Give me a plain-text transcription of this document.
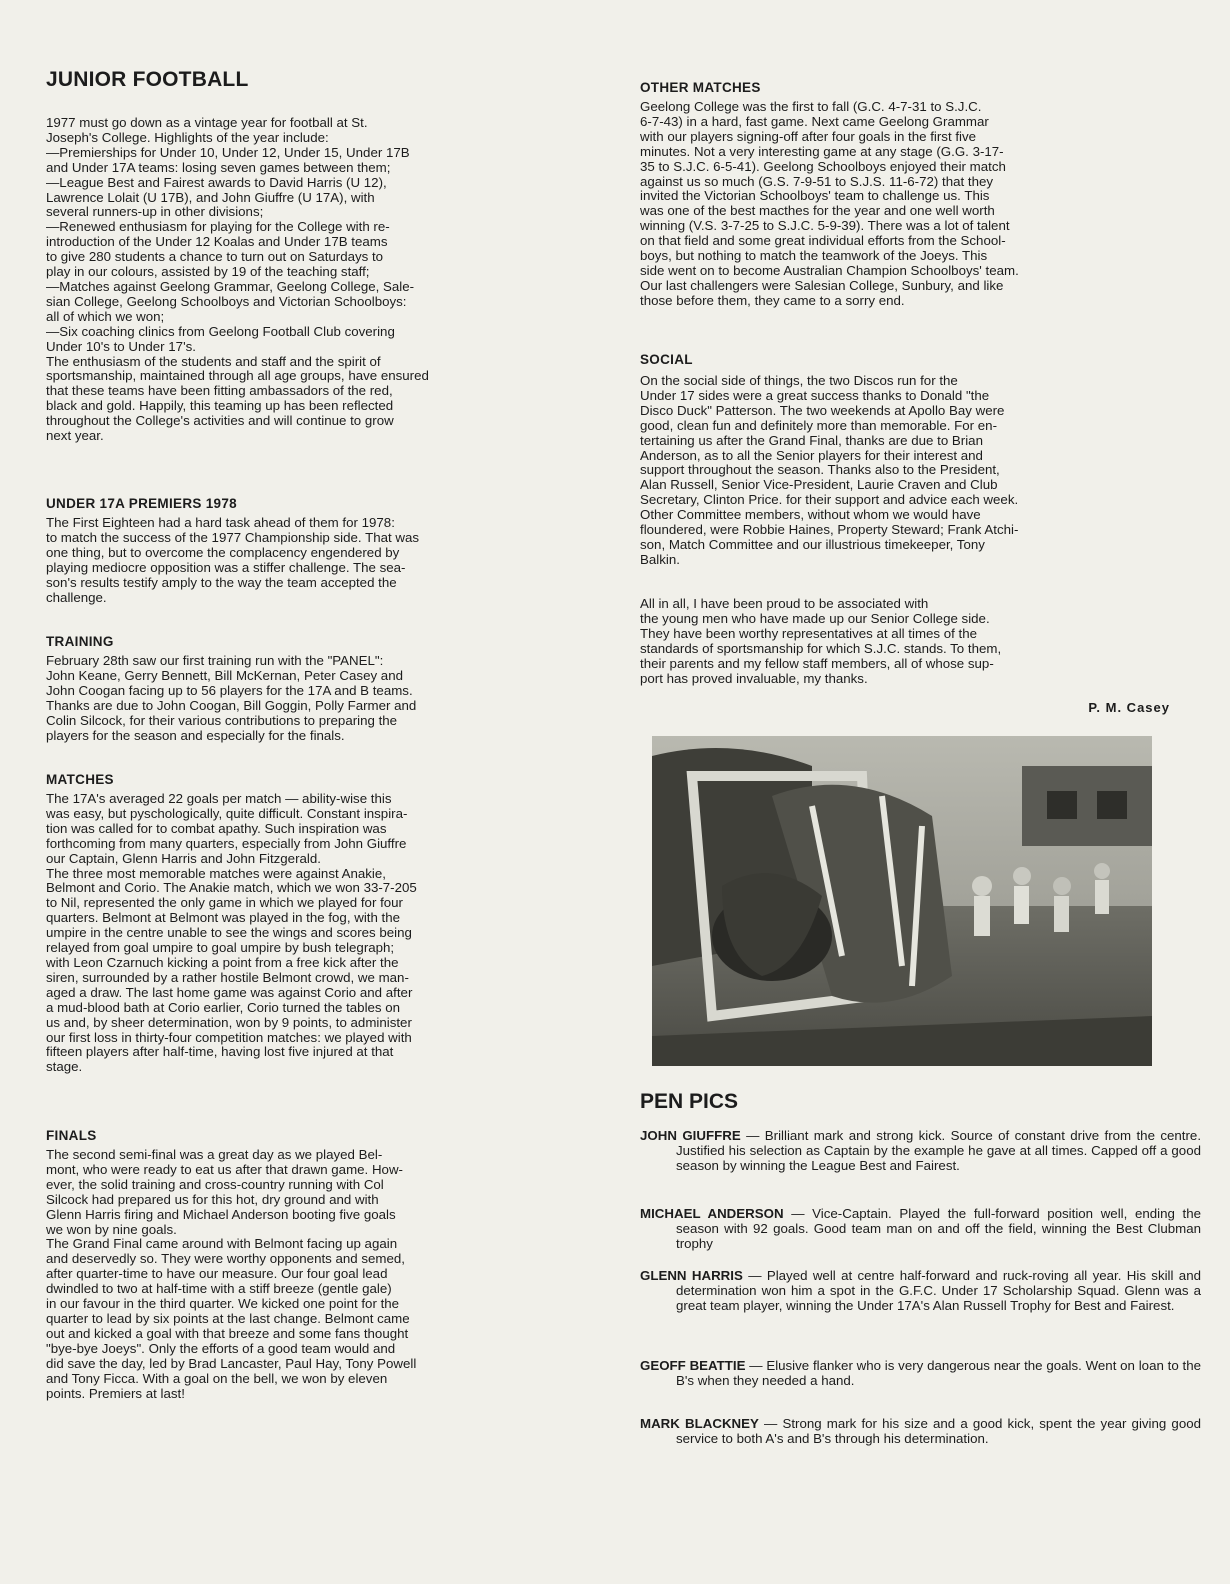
JUNIOR FOOTBALL

1977 must go down as a vintage year for football at St.
Joseph's College. Highlights of the year include:
—Premierships for Under 10, Under 12, Under 15, Under 17B
and Under 17A teams: losing seven games between them;
—League Best and Fairest awards to David Harris (U 12),
Lawrence Lolait (U 17B), and John Giuffre (U 17A), with
several runners-up in other divisions;
—Renewed enthusiasm for playing for the College with re-
introduction of the Under 12 Koalas and Under 17B teams
to give 280 students a chance to turn out on Saturdays to
play in our colours, assisted by 19 of the teaching staff;
—Matches against Geelong Grammar, Geelong College, Sale-
sian College, Geelong Schoolboys and Victorian Schoolboys:
all of which we won;
—Six coaching clinics from Geelong Football Club covering
Under 10's to Under 17's.
The enthusiasm of the students and staff and the spirit of
sportsmanship, maintained through all age groups, have ensured
that these teams have been fitting ambassadors of the red,
black and gold. Happily, this teaming up has been reflected
throughout the College's activities and will continue to grow
next year.

UNDER 17A PREMIERS 1978

The First Eighteen had a hard task ahead of them for 1978:
to match the success of the 1977 Championship side. That was
one thing, but to overcome the complacency engendered by
playing mediocre opposition was a stiffer challenge. The sea-
son's results testify amply to the way the team accepted the
challenge.

TRAINING

February 28th saw our first training run with the "PANEL":
John Keane, Gerry Bennett, Bill McKernan, Peter Casey and
John Coogan facing up to 56 players for the 17A and B teams.
Thanks are due to John Coogan, Bill Goggin, Polly Farmer and
Colin Silcock, for their various contributions to preparing the
players for the season and especially for the finals.

MATCHES

The 17A's averaged 22 goals per match — ability-wise this
was easy, but pyschologically, quite difficult. Constant inspira-
tion was called for to combat apathy. Such inspiration was
forthcoming from many quarters, especially from John Giuffre
our Captain, Glenn Harris and John Fitzgerald.
The three most memorable matches were against Anakie,
Belmont and Corio. The Anakie match, which we won 33-7-205
to Nil, represented the only game in which we played for four
quarters. Belmont at Belmont was played in the fog, with the
umpire in the centre unable to see the wings and scores being
relayed from goal umpire to goal umpire by bush telegraph;
with Leon Czarnuch kicking a point from a free kick after the
siren, surrounded by a rather hostile Belmont crowd, we man-
aged a draw. The last home game was against Corio and after
a mud-blood bath at Corio earlier, Corio turned the tables on
us and, by sheer determination, won by 9 points, to administer
our first loss in thirty-four competition matches: we played with
fifteen players after half-time, having lost five injured at that
stage.

FINALS

The second semi-final was a great day as we played Bel-
mont, who were ready to eat us after that drawn game. How-
ever, the solid training and cross-country running with Col
Silcock had prepared us for this hot, dry ground and with
Glenn Harris firing and Michael Anderson booting five goals
we won by nine goals.
The Grand Final came around with Belmont facing up again
and deservedly so. They were worthy opponents and semed,
after quarter-time to have our measure. Our four goal lead
dwindled to two at half-time with a stiff breeze (gentle gale)
in our favour in the third quarter. We kicked one point for the
quarter to lead by six points at the last change. Belmont came
out and kicked a goal with that breeze and some fans thought
"bye-bye Joeys". Only the efforts of a good team would and
did save the day, led by Brad Lancaster, Paul Hay, Tony Powell
and Tony Ficca. With a goal on the bell, we won by eleven
points. Premiers at last!

OTHER MATCHES

Geelong College was the first to fall (G.C. 4-7-31 to S.J.C.
6-7-43) in a hard, fast game. Next came Geelong Grammar
with our players signing-off after four goals in the first five
minutes. Not a very interesting game at any stage (G.G. 3-17-
35 to S.J.C. 6-5-41). Geelong Schoolboys enjoyed their match
against us so much (G.S. 7-9-51 to S.J.S. 11-6-72) that they
invited the Victorian Schoolboys' team to challenge us. This
was one of the best macthes for the year and one well worth
winning (V.S. 3-7-25 to S.J.C. 5-9-39). There was a lot of talent
on that field and some great individual efforts from the School-
boys, but nothing to match the teamwork of the Joeys. This
side went on to become Australian Champion Schoolboys' team.
Our last challengers were Salesian College, Sunbury, and like
those before them, they came to a sorry end.

SOCIAL

On the social side of things, the two Discos run for the
Under 17 sides were a great success thanks to Donald "the
Disco Duck" Patterson. The two weekends at Apollo Bay were
good, clean fun and definitely more than memorable. For en-
tertaining us after the Grand Final, thanks are due to Brian
Anderson, as to all the Senior players for their interest and
support throughout the season. Thanks also to the President,
Alan Russell, Senior Vice-President, Laurie Craven and Club
Secretary, Clinton Price. for their support and advice each week.
Other Committee members, without whom we would have
floundered, were Robbie Haines, Property Steward; Frank Atchi-
son, Match Committee and our illustrious timekeeper, Tony
Balkin.

All in all, I have been proud to be associated with
the young men who have made up our Senior College side.
They have been worthy representatives at all times of the
standards of sportsmanship for which S.J.C. stands. To them,
their parents and my fellow staff members, all of whose sup-
port has proved invaluable, my thanks.

P. M. Casey

PEN PICS

JOHN GIUFFRE — Brilliant mark and strong kick. Source of constant drive from the centre. Justified his selection as Captain by the example he gave at all times. Capped off a good season by winning the League Best and Fairest.

MICHAEL ANDERSON — Vice-Captain. Played the full-forward position well, ending the season with 92 goals. Good team man on and off the field, winning the Best Clubman trophy

GLENN HARRIS — Played well at centre half-forward and ruck-roving all year. His skill and determination won him a spot in the G.F.C. Under 17 Scholarship Squad. Glenn was a great team player, winning the Under 17A's Alan Russell Trophy for Best and Fairest.

GEOFF BEATTIE — Elusive flanker who is very dangerous near the goals. Went on loan to the B's when they needed a hand.

MARK BLACKNEY — Strong mark for his size and a good kick, spent the year giving good service to both A's and B's through his determination.
